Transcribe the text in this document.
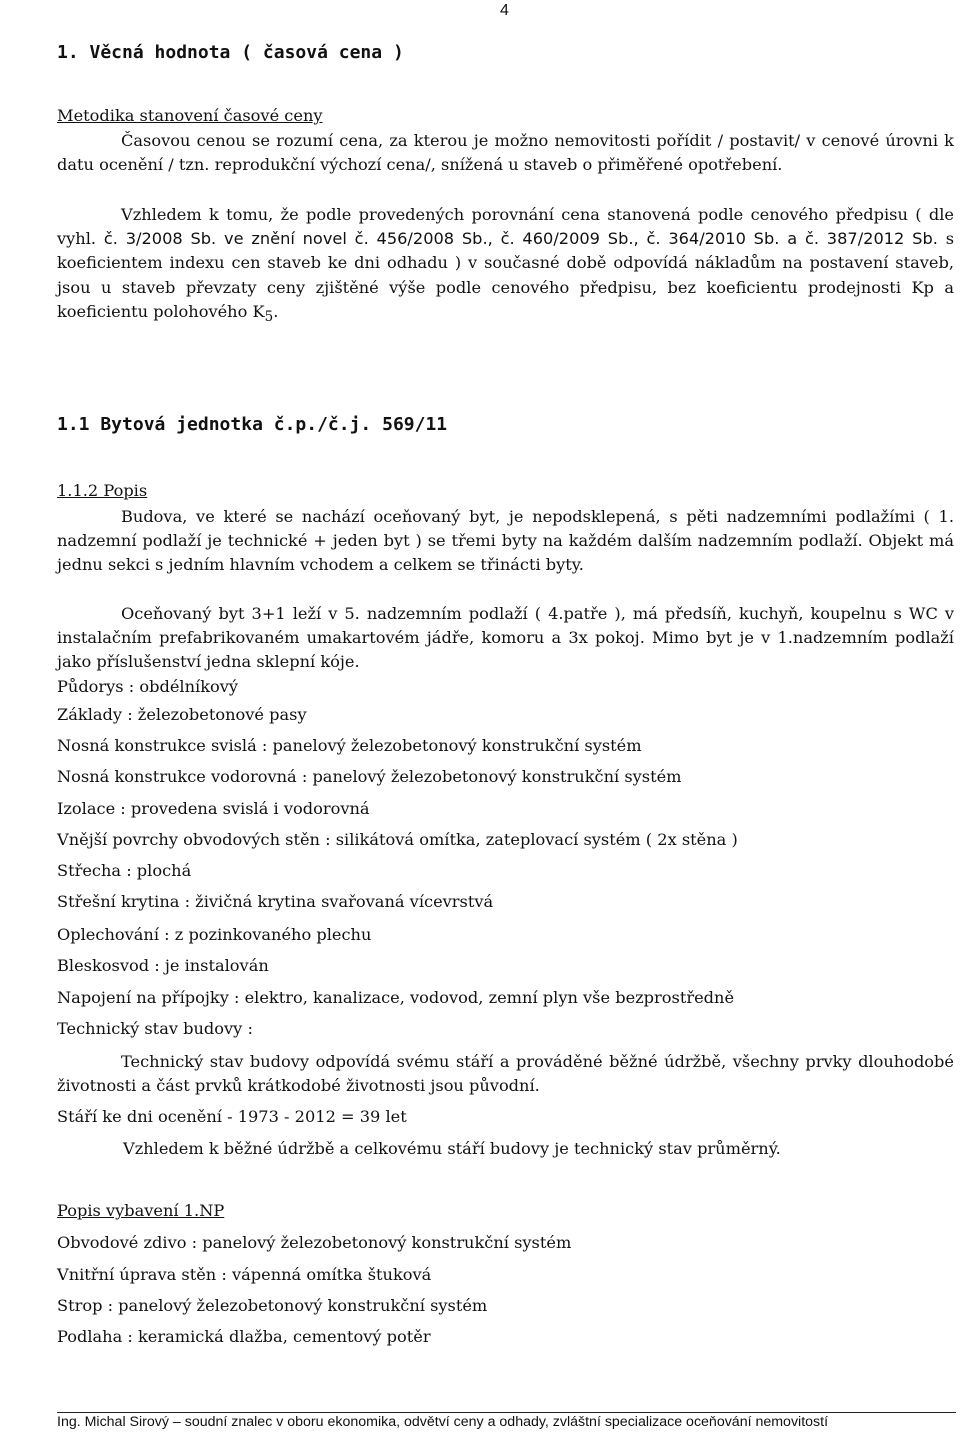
4
1. Věcná hodnota ( časová cena )
Metodika stanovení časové ceny

Časovou cenou se rozumí cena, za kterou je možno nemovitosti pořídit / postavit/ v cenové úrovni k datu ocenění / tzn. reprodukční výchozí cena/, snížená u staveb o přiměřené opotřebení.

Vzhledem k tomu, že podle provedených porovnání cena stanovená podle cenového předpisu ( dle vyhl. č. 3/2008 Sb. ve znění novel č. 456/2008 Sb., č. 460/2009 Sb., č. 364/2010 Sb. a č. 387/2012 Sb. s koeficientem indexu cen staveb ke dni odhadu ) v současné době odpovídá nákladům na postavení staveb, jsou u staveb převzaty ceny zjištěné výše podle cenového předpisu, bez koeficientu prodejnosti Kp a koeficientu polohového $K_5$.

1.1 Bytová jednotka č.p./č.j. 569/11
1.1.2 Popis

Budova, ve které se nachází oceňovaný byt, je nepodsklepená, s pěti nadzemními podlažími ( 1. nadzemní podlaží je technické + jeden byt ) se třemi byty na každém dalším nadzemním podlaží. Objekt má jednu sekci s jedním hlavním vchodem a celkem se třinácti byty.

Oceňovaný byt 3+1 leží v 5. nadzemním podlaží ( 4.patře ), má předsíň, kuchyň, koupelnu s WC v instalačním prefabrikovaném umakartovém jádře, komoru a 3x pokoj. Mimo byt je v 1.nadzemním podlaží jako příslušenství jedna sklepní kóje.

Půdorys : obdélníkový
Základy : železobetonové pasy
Nosná konstrukce svislá : panelový železobetonový konstrukční systém
Nosná konstrukce vodorovná : panelový železobetonový konstrukční systém
Izolace : provedena svislá i vodorovná
Vnější povrchy obvodových stěn : silikátová omítka, zateplovací systém ( 2x stěna )
Střecha : plochá
Střešní krytina : živičná krytina svařovaná vícevrstvá
Oplechování : z pozinkovaného plechu
Bleskosvod : je instalován
Napojení na přípojky : elektro, kanalizace, vodovod, zemní plyn vše bezprostředně
Technický stav budovy :

Technický stav budovy odpovídá svému stáří a prováděné běžné údržbě, všechny prvky dlouhodobé životnosti a část prvků krátkodobé životnosti jsou původní.

Stáří ke dni ocenění - 1973 - 2012 = 39 let

Vzhledem k běžné údržbě a celkovému stáří budovy je technický stav průměrný.

Popis vybavení 1.NP
Obvodové zdivo : panelový železobetonový konstrukční systém
Vnitřní úprava stěn : vápenná omítka štuková
Strop : panelový železobetonový konstrukční systém
Podlaha : keramická dlažba, cementový potěr
Ing. Michal Sirový – soudní znalec v oboru ekonomika, odvětví ceny a odhady, zvláštní specializace oceňování nemovitostí
